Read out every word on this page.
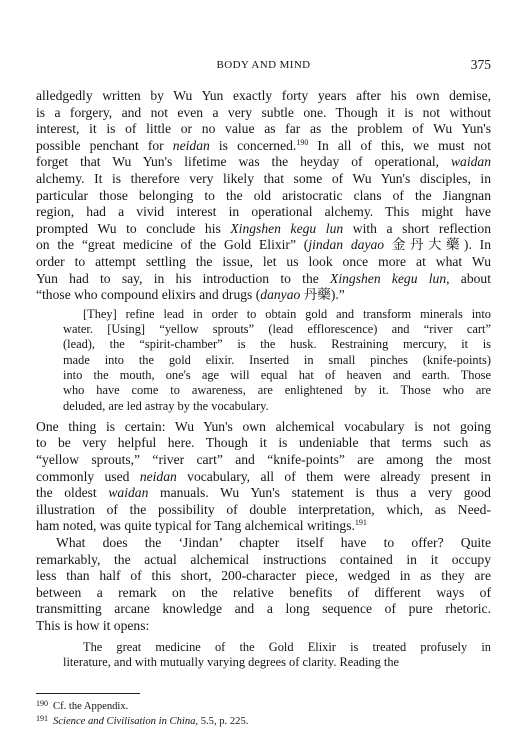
BODY AND MIND	375
alledgedly written by Wu Yun exactly forty years after his own demise,
is a forgery, and not even a very subtle one. Though it is not without
interest, it is of little or no value as far as the problem of Wu Yun's
possible penchant for neidan is concerned.$^{190}$ In all of this, we must not
forget that Wu Yun's lifetime was the heyday of operational, waidan
alchemy. It is therefore very likely that some of Wu Yun's disciples, in
particular those belonging to the old aristocratic clans of the Jiangnan
region, had a vivid interest in operational alchemy. This might have
prompted Wu to conclude his Xingshen kegu lun with a short reflection
on the “great medicine of the Gold Elixir” (jindan dayao 金丹大藥). In
order to attempt settling the issue, let us look once more at what Wu
Yun had to say, in his introduction to the Xingshen kegu lun, about
“those who compound elixirs and drugs (danyao 丹藥).”
[They] refine lead in order to obtain gold and transform minerals into
water. [Using] “yellow sprouts” (lead efflorescence) and “river cart”
(lead), the “spirit-chamber” is the husk. Restraining mercury, it is
made into the gold elixir. Inserted in small pinches (knife-points)
into the mouth, one's age will equal hat of heaven and earth. Those
who have come to awareness, are enlightened by it. Those who are
deluded, are led astray by the vocabulary.
One thing is certain: Wu Yun's own alchemical vocabulary is not going
to be very helpful here. Though it is undeniable that terms such as
“yellow sprouts,” “river cart” and “knife-points” are among the most
commonly used neidan vocabulary, all of them were already present in
the oldest waidan manuals. Wu Yun's statement is thus a very good
illustration of the possibility of double interpretation, which, as Need-
ham noted, was quite typical for Tang alchemical writings.$^{191}$
What does the ‘Jindan’ chapter itself have to offer? Quite
remarkably, the actual alchemical instructions contained in it occupy
less than half of this short, 200-character piece, wedged in as they are
between a remark on the relative benefits of different ways of
transmitting arcane knowledge and a long sequence of pure rhetoric.
This is how it opens:
The great medicine of the Gold Elixir is treated profusely in
literature, and with mutually varying degrees of clarity. Reading the
190 Cf. the Appendix.
191 Science and Civilisation in China, 5.5, p. 225.
